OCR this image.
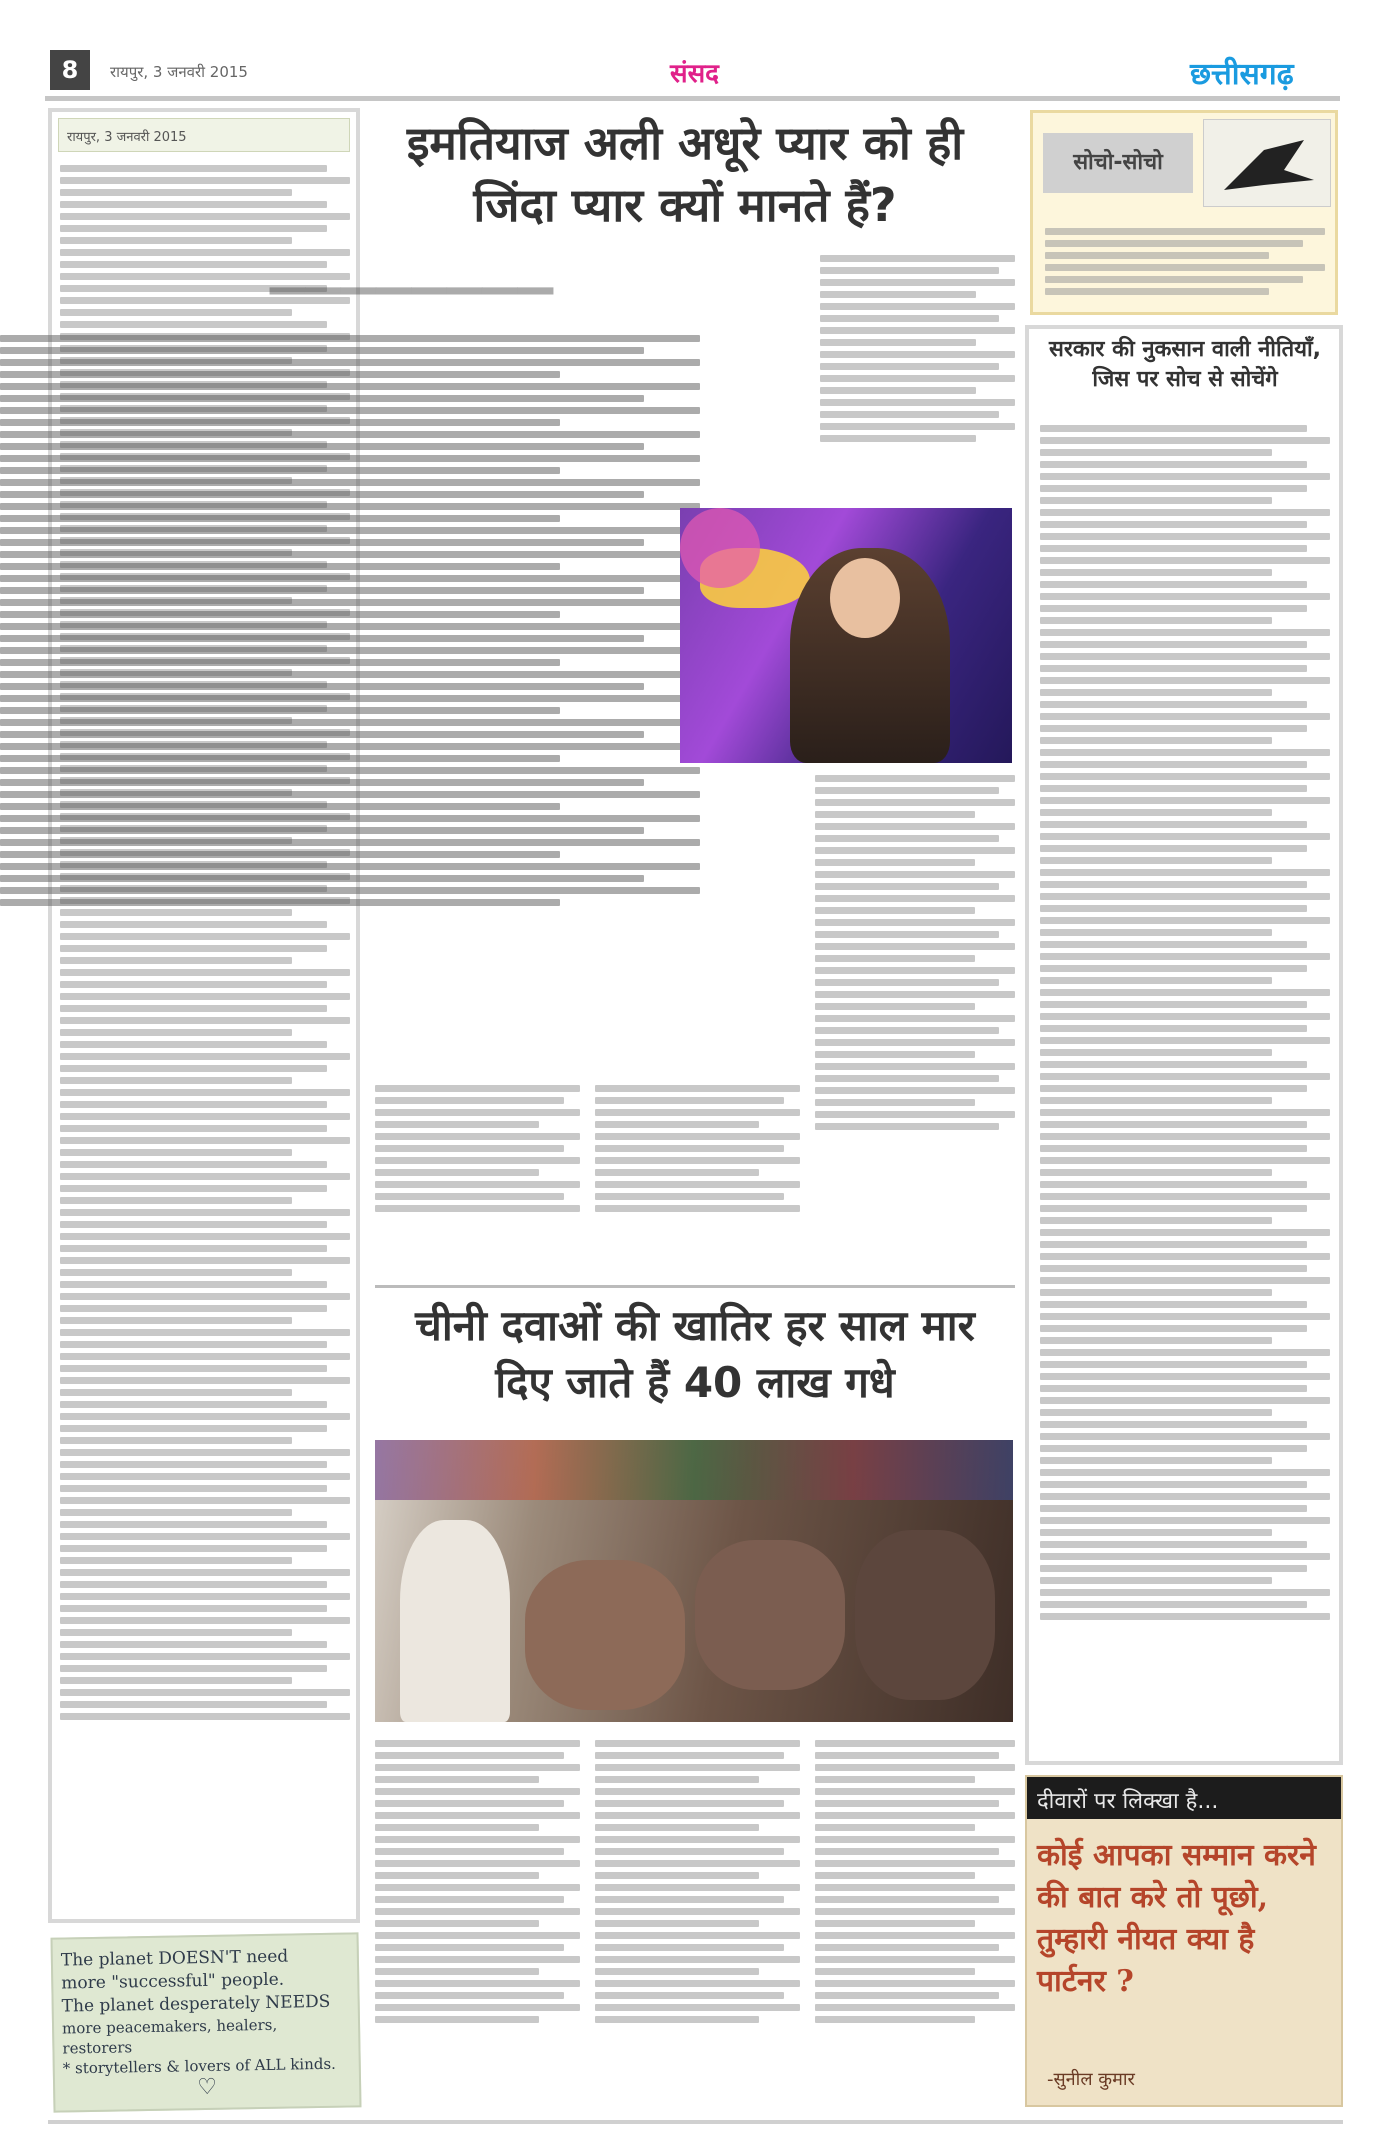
8	रायपुर, 3 जनवरी 2015	संसद	छत्तीसगढ़
रायपुर, 3 जनवरी 2015
The planet DOESN'T need
more "successful" people.
The planet desperately NEEDS
more peacemakers, healers, restorers
* storytellers & lovers of ALL kinds.
♡
इमतियाज अली अधूरे प्यार को ही जिंदा प्यार क्यों मानते हैं?
▁▁▁▁▁▁▁▁
चीनी दवाओं की खातिर हर साल मार दिए जाते हैं 40 लाख गधे
सोचो-सोचो
सरकार की नुकसान वाली नीतियाँ, जिस पर सोच से सोचेंगे
दीवारों पर लिक्खा है...
कोई आपका सम्मान करने की बात करे तो पूछो, तुम्हारी नीयत क्या है पार्टनर ?
-सुनील कुमार
